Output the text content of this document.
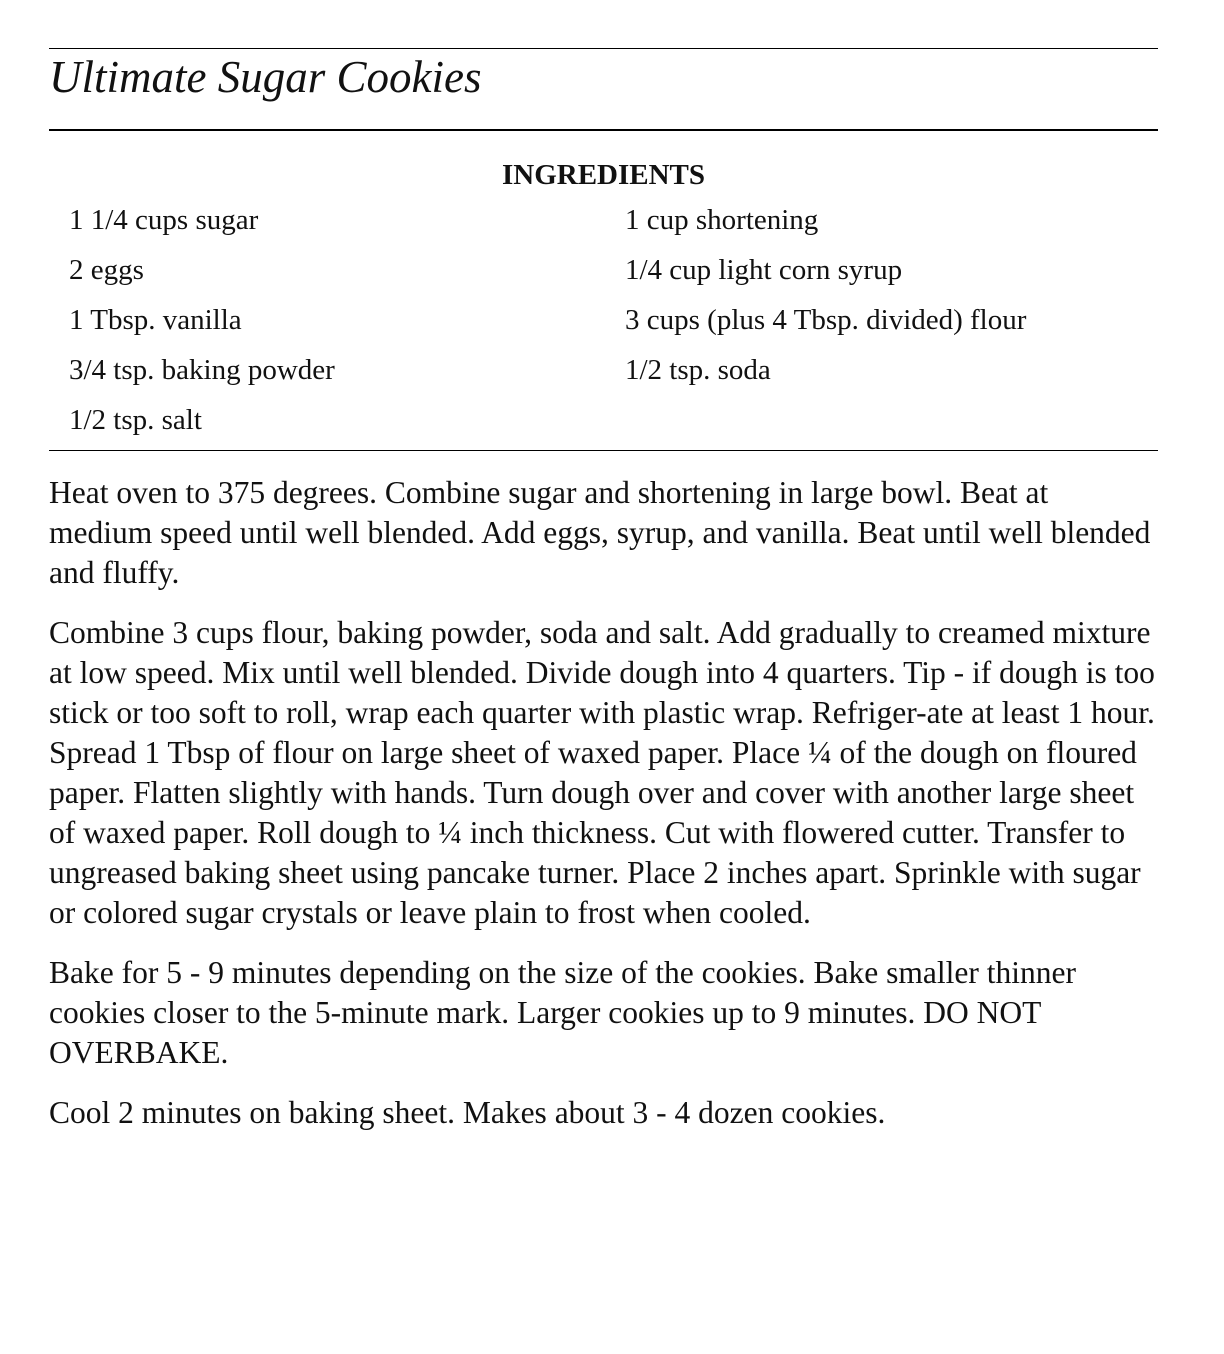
Ultimate Sugar Cookies
INGREDIENTS
1 1/4 cups sugar
2 eggs
1 Tbsp. vanilla
3/4 tsp. baking powder
1/2 tsp. salt
1 cup shortening
1/4 cup light corn syrup
3 cups (plus 4 Tbsp. divided) flour
1/2 tsp. soda

Heat oven to 375 degrees. Combine sugar and shortening in large bowl. Beat at medium speed until well blended. Add eggs, syrup, and vanilla. Beat until well blended and fluffy.

Combine 3 cups flour, baking powder, soda and salt. Add gradually to creamed mixture at low speed. Mix until well blended. Divide dough into 4 quarters. Tip - if dough is too stick or too soft to roll, wrap each quarter with plastic wrap. Refriger-ate at least 1 hour. Spread 1 Tbsp of flour on large sheet of waxed paper. Place ¼ of the dough on floured paper. Flatten slightly with hands. Turn dough over and cover with another large sheet of waxed paper. Roll dough to ¼ inch thickness. Cut with flowered cutter. Transfer to ungreased baking sheet using pancake turner. Place 2 inches apart. Sprinkle with sugar or colored sugar crystals or leave plain to frost when cooled.

Bake for 5 - 9 minutes depending on the size of the cookies. Bake smaller thinner cookies closer to the 5-minute mark. Larger cookies up to 9 minutes. DO NOT OVERBAKE.

Cool 2 minutes on baking sheet. Makes about 3 - 4 dozen cookies.
